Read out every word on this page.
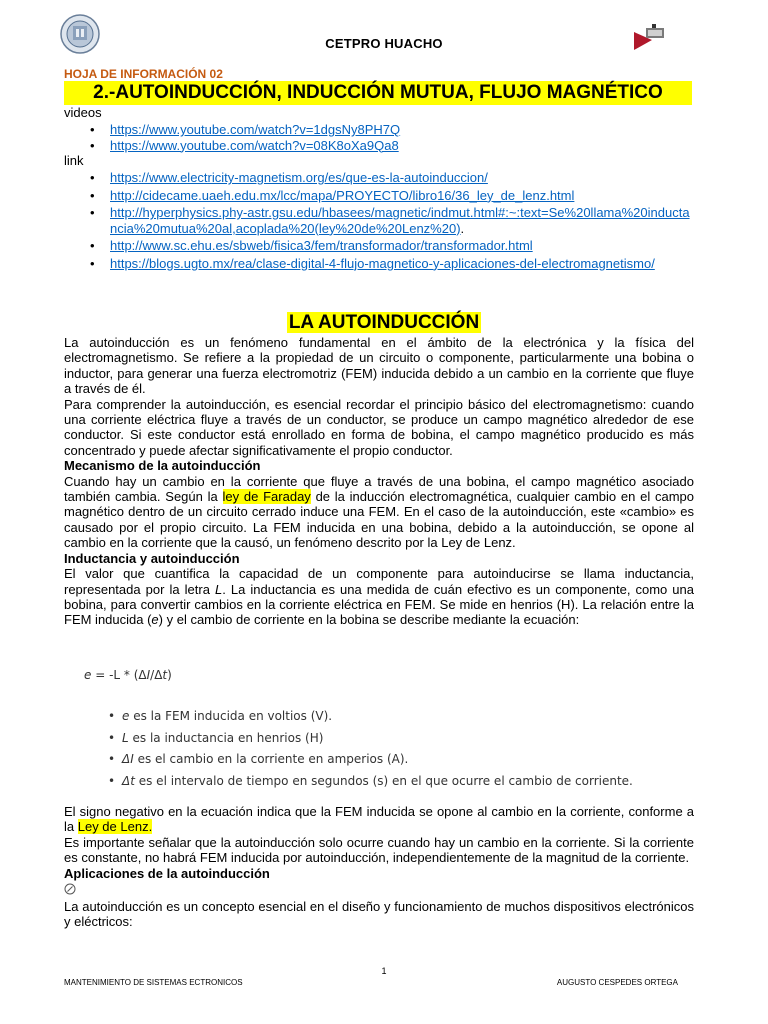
CETPRO HUACHO
HOJA DE INFORMACIÓN 02
2.-AUTOINDUCCIÓN, INDUCCIÓN MUTUA, FLUJO MAGNÉTICO
videos
• https://www.youtube.com/watch?v=1dgsNy8PH7Q
• https://www.youtube.com/watch?v=08K8oXa9Qa8
link
• https://www.electricity-magnetism.org/es/que-es-la-autoinduccion/
• http://cidecame.uaeh.edu.mx/lcc/mapa/PROYECTO/libro16/36_ley_de_lenz.html
• http://hyperphysics.phy-astr.gsu.edu/hbasees/magnetic/indmut.html#:~:text=Se%20llama%20inductancia%20mutua%20al,acoplada%20(ley%20de%20Lenz%20).
• http://www.sc.ehu.es/sbweb/fisica3/fem/transformador/transformador.html
• https://blogs.ugto.mx/rea/clase-digital-4-flujo-magnetico-y-aplicaciones-del-electromagnetismo/
LA AUTOINDUCCIÓN

La autoinducción es un fenómeno fundamental en el ámbito de la electrónica y la física del electromagnetismo. Se refiere a la propiedad de un circuito o componente, particularmente una bobina o inductor, para generar una fuerza electromotriz (FEM) inducida debido a un cambio en la corriente que fluye a través de él.

Para comprender la autoinducción, es esencial recordar el principio básico del electromagnetismo: cuando una corriente eléctrica fluye a través de un conductor, se produce un campo magnético alrededor de ese conductor. Si este conductor está enrollado en forma de bobina, el campo magnético producido es más concentrado y puede afectar significativamente el propio conductor.

Mecanismo de la autoinducción

Cuando hay un cambio en la corriente que fluye a través de una bobina, el campo magnético asociado también cambia. Según la ley de Faraday de la inducción electromagnética, cualquier cambio en el campo magnético dentro de un circuito cerrado induce una FEM. En el caso de la autoinducción, este «cambio» es causado por el propio circuito. La FEM inducida en una bobina, debido a la autoinducción, se opone al cambio en la corriente que la causó, un fenómeno descrito por la Ley de Lenz.

Inductancia y autoinducción

El valor que cuantifica la capacidad de un componente para autoinducirse se llama inductancia, representada por la letra L. La inductancia es una medida de cuán efectivo es un componente, como una bobina, para convertir cambios en la corriente eléctrica en FEM. Se mide en henrios (H). La relación entre la FEM inducida (e) y el cambio de corriente en la bobina se describe mediante la ecuación:

e = -L * (ΔI/Δt)
• e es la FEM inducida en voltios (V).
• L es la inductancia en henrios (H)
• ΔI es el cambio en la corriente en amperios (A).
• Δt es el intervalo de tiempo en segundos (s) en el que ocurre el cambio de corriente.

El signo negativo en la ecuación indica que la FEM inducida se opone al cambio en la corriente, conforme a la Ley de Lenz.

Es importante señalar que la autoinducción solo ocurre cuando hay un cambio en la corriente. Si la corriente es constante, no habrá FEM inducida por autoinducción, independientemente de la magnitud de la corriente.

Aplicaciones de la autoinducción

La autoinducción es un concepto esencial en el diseño y funcionamiento de muchos dispositivos electrónicos y eléctricos:

1
MANTENIMIENTO DE SISTEMAS ECTRONICOS	AUGUSTO CESPEDES ORTEGA
